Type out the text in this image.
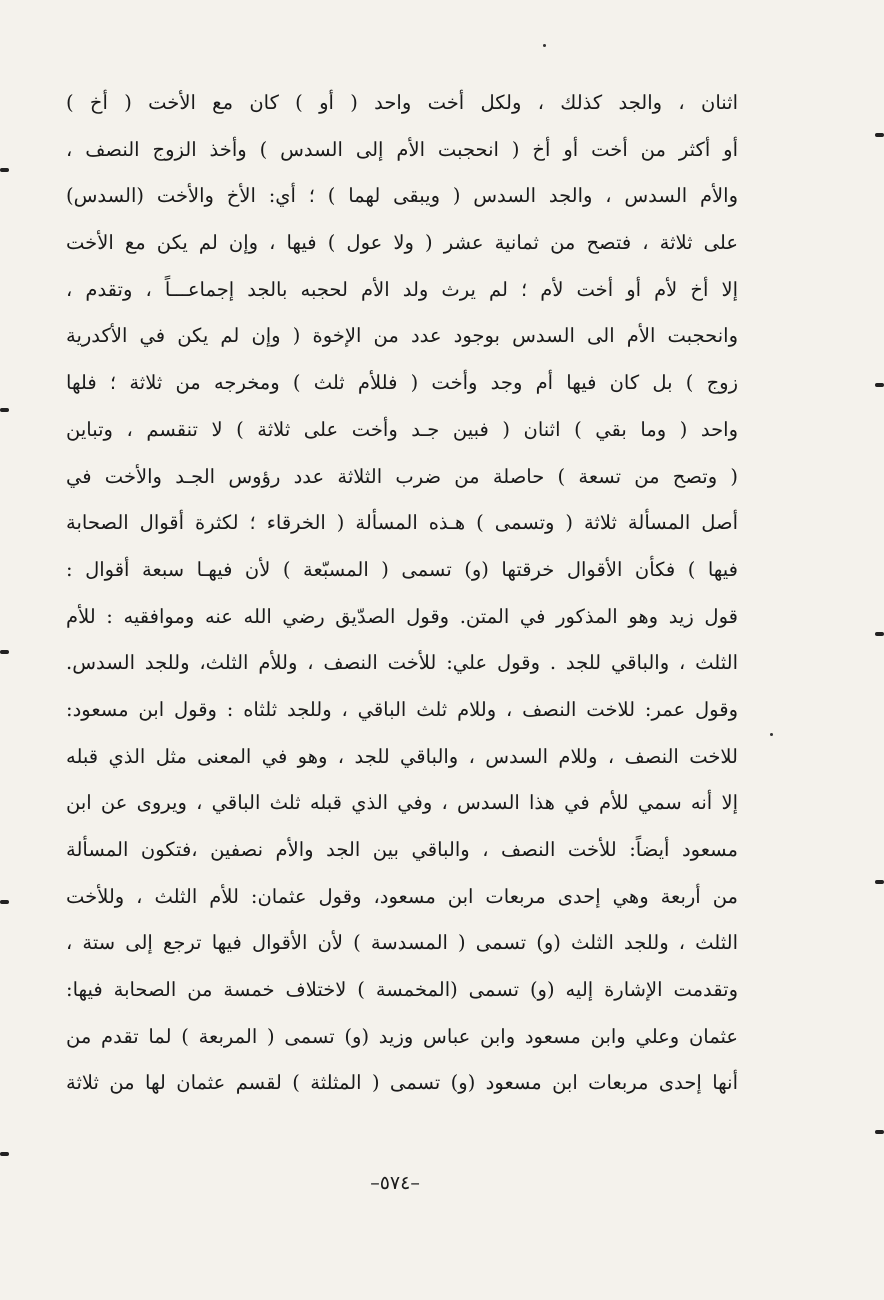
اثنان ، والجد كذلك ، ولكل أخت واحد ( أو ) كان مع الأخت ( أخ )
أو أكثر من أخت أو أخ ( انحجبت الأم إلى السدس ) وأخذ الزوج النصف ،
والأم السدس ، والجد السدس ( ويبقى لهما ) ؛ أي: الأخ والأخت (السدس)
على ثلاثة ، فتصح من ثمانية عشر ( ولا عول ) فيها ، وإن لم يكن مع الأخت
إلا أخ لأم أو أخت لأم ؛ لم يرث ولد الأم لحجبه بالجد إجماعـــاً ، وتقدم ،
وانحجبت الأم الى السدس بوجود عدد من الإخوة ( وإن لم يكن في الأكدرية
زوج ) بل كان فيها أم وجد وأخت ( فللأم ثلث ) ومخرجه من ثلاثة ؛ فلها
واحد ( وما بقي ) اثنان ( فبين جـد وأخت على ثلاثة ) لا تنقسم ، وتباين
( وتصح من تسعة ) حاصلة من ضرب الثلاثة عدد رؤوس الجـد والأخت في
أصل المسألة ثلاثة ( وتسمى ) هـذه المسألة ( الخرقاء ؛ لكثرة أقوال الصحابة
فيها ) فكأن الأقوال خرقتها (و) تسمى ( المسبّعة ) لأن فيهـا سبعة أقوال :
قول زيد وهو المذكور في المتن. وقول الصدّيق رضي الله عنه وموافقيه : للأم
الثلث ، والباقي للجد . وقول علي: للأخت النصف ، وللأم الثلث، وللجد السدس.
وقول عمر: للاخت النصف ، وللام ثلث الباقي ، وللجد ثلثاه : وقول ابن مسعود:
للاخت النصف ، وللام السدس ، والباقي للجد ، وهو في المعنى مثل الذي قبله
إلا أنه سمي للأم في هذا السدس ، وفي الذي قبله ثلث الباقي ، ويروى عن ابن
مسعود أيضاً: للأخت النصف ، والباقي بين الجد والأم نصفين ،فتكون المسألة
من أربعة وهي إحدى مربعات ابن مسعود، وقول عثمان: للأم الثلث ، وللأخت
الثلث ، وللجد الثلث (و) تسمى ( المسدسة ) لأن الأقوال فيها ترجع إلى ستة ،
وتقدمت الإشارة إليه (و) تسمى (المخمسة ) لاختلاف خمسة من الصحابة فيها:
عثمان وعلي وابن مسعود وابن عباس وزيد (و) تسمى ( المربعة ) لما تقدم من
أنها إحدى مربعات ابن مسعود (و) تسمى ( المثلثة ) لقسم عثمان لها من ثلاثة
–٥٧٤–
